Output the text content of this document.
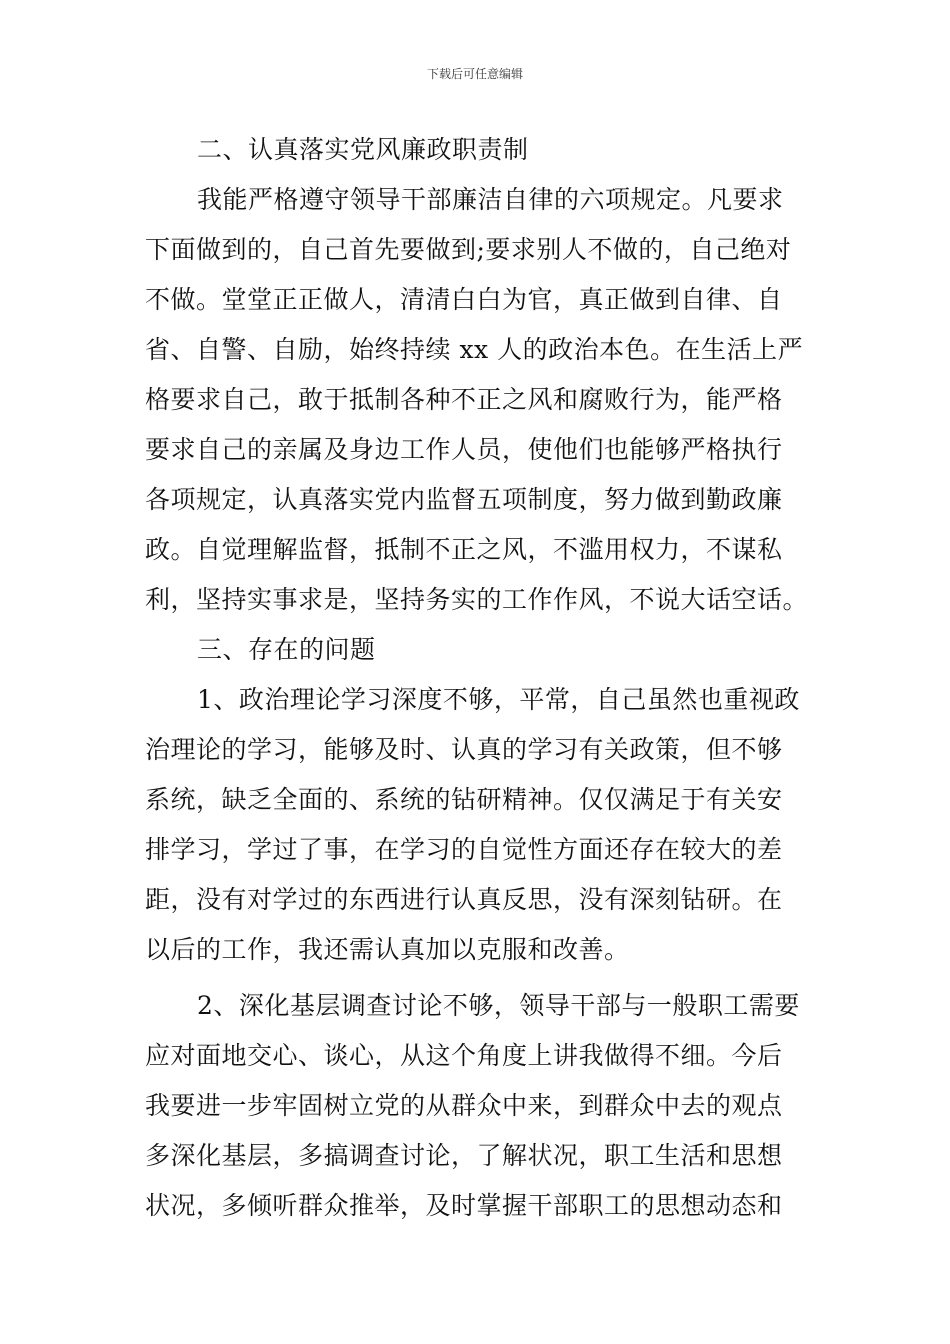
下载后可任意编辑
二、认真落实党风廉政职责制
我能严格遵守领导干部廉洁自律的六项规定。凡要求
下面做到的，自己首先要做到;要求别人不做的，自己绝对
不做。堂堂正正做人，清清白白为官，真正做到自律、自
省、自警、自励，始终持续 xx 人的政治本色。在生活上严
格要求自己，敢于抵制各种不正之风和腐败行为，能严格
要求自己的亲属及身边工作人员，使他们也能够严格执行
各项规定，认真落实党内监督五项制度，努力做到勤政廉
政。自觉理解监督，抵制不正之风，不滥用权力，不谋私
利，坚持实事求是，坚持务实的工作作风，不说大话空话。
三、存在的问题
1、政治理论学习深度不够，平常，自己虽然也重视政
治理论的学习，能够及时、认真的学习有关政策，但不够
系统，缺乏全面的、系统的钻研精神。仅仅满足于有关安
排学习，学过了事，在学习的自觉性方面还存在较大的差
距，没有对学过的东西进行认真反思，没有深刻钻研。在
以后的工作，我还需认真加以克服和改善。
2、深化基层调查讨论不够，领导干部与一般职工需要
应对面地交心、谈心，从这个角度上讲我做得不细。今后
我要进一步牢固树立党的从群众中来，到群众中去的观点
多深化基层，多搞调查讨论，了解状况，职工生活和思想
状况，多倾听群众推举，及时掌握干部职工的思想动态和
